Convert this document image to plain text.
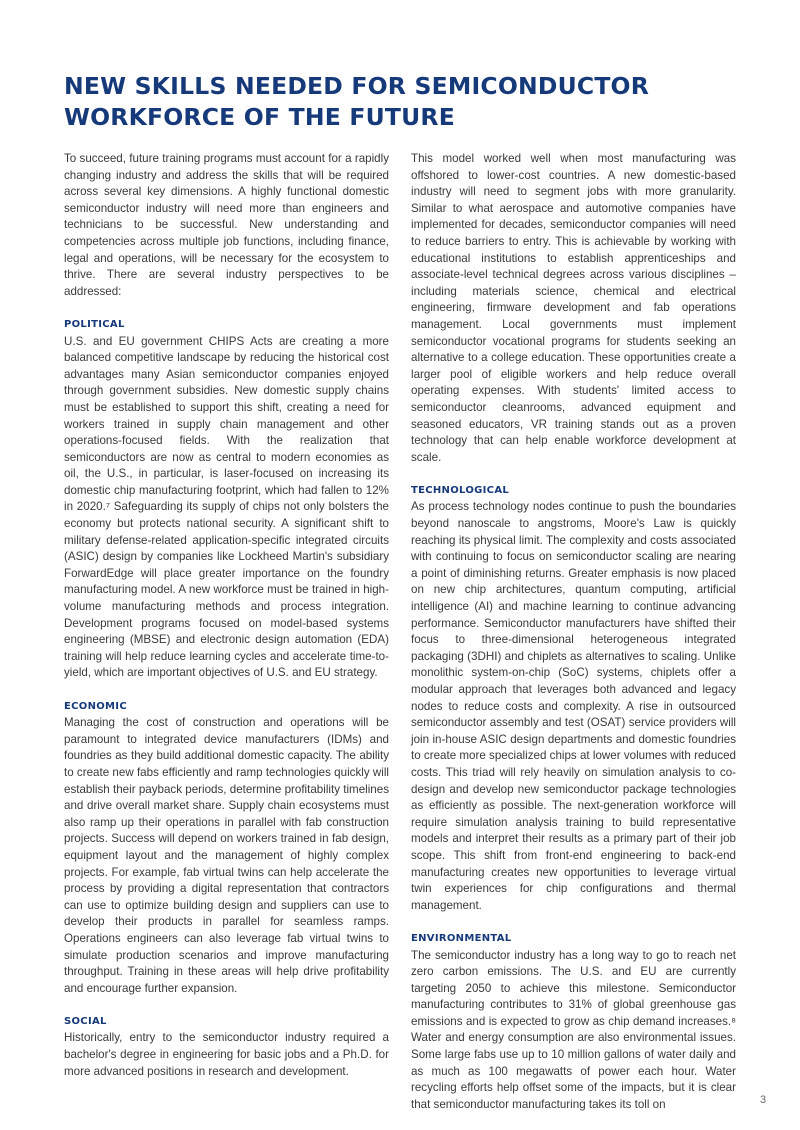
NEW SKILLS NEEDED FOR SEMICONDUCTOR WORKFORCE OF THE FUTURE

To succeed, future training programs must account for a rapidly changing industry and address the skills that will be required across several key dimensions. A highly functional domestic semiconductor industry will need more than engineers and technicians to be successful. New understanding and competencies across multiple job functions, including finance, legal and operations, will be necessary for the ecosystem to thrive. There are several industry perspectives to be addressed:

POLITICAL

U.S. and EU government CHIPS Acts are creating a more balanced competitive landscape by reducing the historical cost advantages many Asian semiconductor companies enjoyed through government subsidies. New domestic supply chains must be established to support this shift, creating a need for workers trained in supply chain management and other operations-focused fields. With the realization that semiconductors are now as central to modern economies as oil, the U.S., in particular, is laser-focused on increasing its domestic chip manufacturing footprint, which had fallen to 12% in 2020.⁷ Safeguarding its supply of chips not only bolsters the economy but protects national security. A significant shift to military defense-related application-specific integrated circuits (ASIC) design by companies like Lockheed Martin's subsidiary ForwardEdge will place greater importance on the foundry manufacturing model. A new workforce must be trained in high-volume manufacturing methods and process integration. Development programs focused on model-based systems engineering (MBSE) and electronic design automation (EDA) training will help reduce learning cycles and accelerate time-to-yield, which are important objectives of U.S. and EU strategy.

ECONOMIC

Managing the cost of construction and operations will be paramount to integrated device manufacturers (IDMs) and foundries as they build additional domestic capacity. The ability to create new fabs efficiently and ramp technologies quickly will establish their payback periods, determine profitability timelines and drive overall market share. Supply chain ecosystems must also ramp up their operations in parallel with fab construction projects. Success will depend on workers trained in fab design, equipment layout and the management of highly complex projects. For example, fab virtual twins can help accelerate the process by providing a digital representation that contractors can use to optimize building design and suppliers can use to develop their products in parallel for seamless ramps. Operations engineers can also leverage fab virtual twins to simulate production scenarios and improve manufacturing throughput. Training in these areas will help drive profitability and encourage further expansion.

SOCIAL

Historically, entry to the semiconductor industry required a bachelor's degree in engineering for basic jobs and a Ph.D. for more advanced positions in research and development.

This model worked well when most manufacturing was offshored to lower-cost countries. A new domestic-based industry will need to segment jobs with more granularity. Similar to what aerospace and automotive companies have implemented for decades, semiconductor companies will need to reduce barriers to entry. This is achievable by working with educational institutions to establish apprenticeships and associate-level technical degrees across various disciplines – including materials science, chemical and electrical engineering, firmware development and fab operations management. Local governments must implement semiconductor vocational programs for students seeking an alternative to a college education. These opportunities create a larger pool of eligible workers and help reduce overall operating expenses. With students' limited access to semiconductor cleanrooms, advanced equipment and seasoned educators, VR training stands out as a proven technology that can help enable workforce development at scale.

TECHNOLOGICAL

As process technology nodes continue to push the boundaries beyond nanoscale to angstroms, Moore's Law is quickly reaching its physical limit. The complexity and costs associated with continuing to focus on semiconductor scaling are nearing a point of diminishing returns. Greater emphasis is now placed on new chip architectures, quantum computing, artificial intelligence (AI) and machine learning to continue advancing performance. Semiconductor manufacturers have shifted their focus to three-dimensional heterogeneous integrated packaging (3DHI) and chiplets as alternatives to scaling. Unlike monolithic system-on-chip (SoC) systems, chiplets offer a modular approach that leverages both advanced and legacy nodes to reduce costs and complexity. A rise in outsourced semiconductor assembly and test (OSAT) service providers will join in-house ASIC design departments and domestic foundries to create more specialized chips at lower volumes with reduced costs. This triad will rely heavily on simulation analysis to co-design and develop new semiconductor package technologies as efficiently as possible. The next-generation workforce will require simulation analysis training to build representative models and interpret their results as a primary part of their job scope. This shift from front-end engineering to back-end manufacturing creates new opportunities to leverage virtual twin experiences for chip configurations and thermal management.

ENVIRONMENTAL

The semiconductor industry has a long way to go to reach net zero carbon emissions. The U.S. and EU are currently targeting 2050 to achieve this milestone. Semiconductor manufacturing contributes to 31% of global greenhouse gas emissions and is expected to grow as chip demand increases.⁸ Water and energy consumption are also environmental issues. Some large fabs use up to 10 million gallons of water daily and as much as 100 megawatts of power each hour. Water recycling efforts help offset some of the impacts, but it is clear that semiconductor manufacturing takes its toll on	3
